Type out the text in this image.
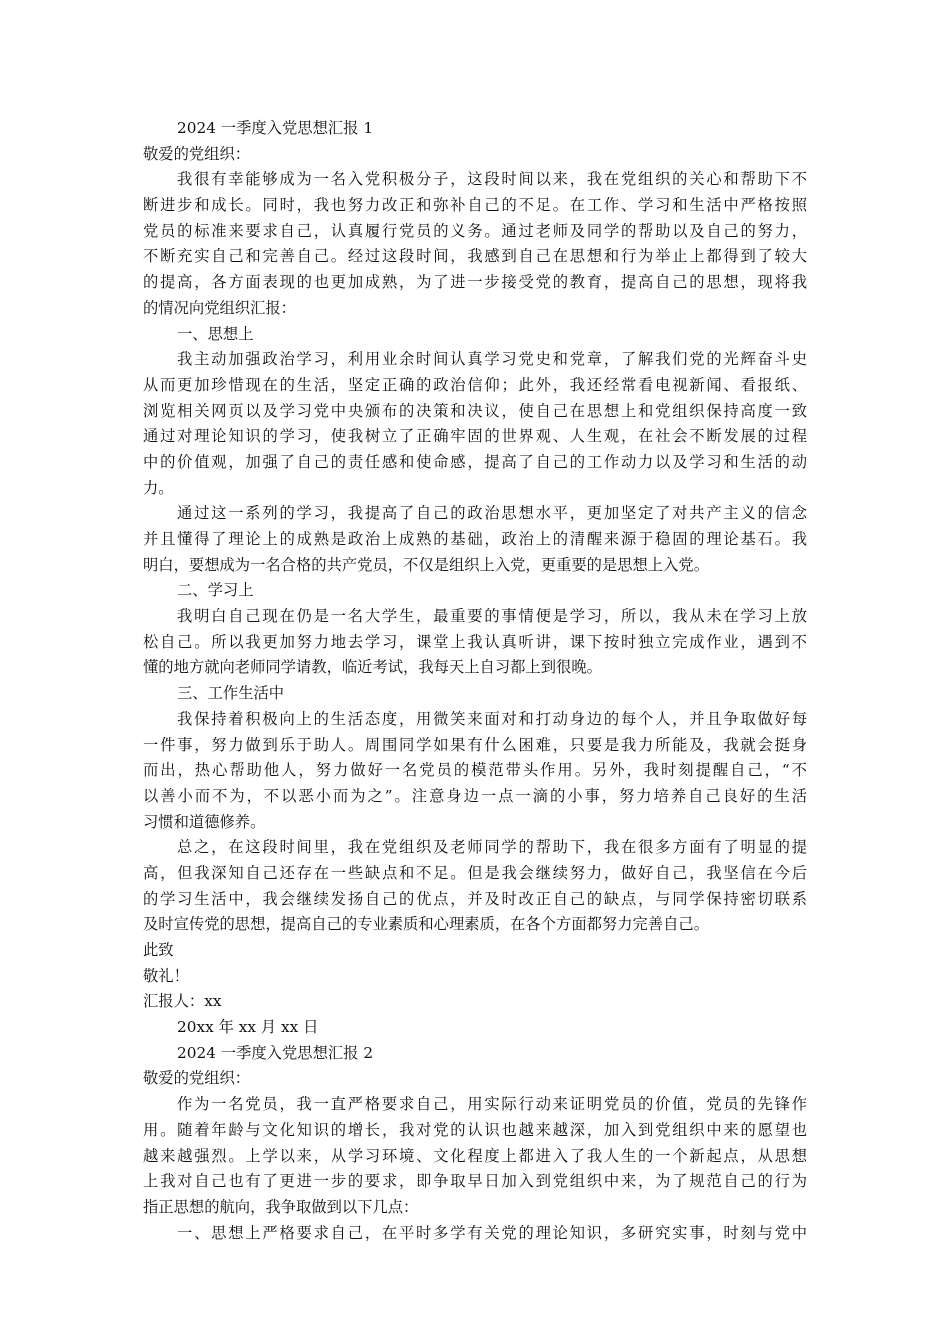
2024 一季度入党思想汇报 1
敬爱的党组织：
我很有幸能够成为一名入党积极分子，这段时间以来，我在党组织的关心和帮助下不
断进步和成长。同时，我也努力改正和弥补自己的不足。在工作、学习和生活中严格按照
党员的标准来要求自己，认真履行党员的义务。通过老师及同学的帮助以及自己的努力，
不断充实自己和完善自己。经过这段时间，我感到自己在思想和行为举止上都得到了较大
的提高，各方面表现的也更加成熟，为了进一步接受党的教育，提高自己的思想，现将我
的情况向党组织汇报：
一、思想上
我主动加强政治学习，利用业余时间认真学习党史和党章，了解我们党的光辉奋斗史
从而更加珍惜现在的生活，坚定正确的政治信仰；此外，我还经常看电视新闻、看报纸、
浏览相关网页以及学习党中央颁布的决策和决议，使自己在思想上和党组织保持高度一致
通过对理论知识的学习，使我树立了正确牢固的世界观、人生观，在社会不断发展的过程
中的价值观，加强了自己的责任感和使命感，提高了自己的工作动力以及学习和生活的动
力。
通过这一系列的学习，我提高了自己的政治思想水平，更加坚定了对共产主义的信念
并且懂得了理论上的成熟是政治上成熟的基础，政治上的清醒来源于稳固的理论基石。我
明白，要想成为一名合格的共产党员，不仅是组织上入党，更重要的是思想上入党。
二、学习上
我明白自己现在仍是一名大学生，最重要的事情便是学习，所以，我从未在学习上放
松自己。所以我更加努力地去学习，课堂上我认真听讲，课下按时独立完成作业，遇到不
懂的地方就向老师同学请教，临近考试，我每天上自习都上到很晚。
三、工作生活中
我保持着积极向上的生活态度，用微笑来面对和打动身边的每个人，并且争取做好每
一件事，努力做到乐于助人。周围同学如果有什么困难，只要是我力所能及，我就会挺身
而出，热心帮助他人，努力做好一名党员的模范带头作用。另外，我时刻提醒自己，“不
以善小而不为，不以恶小而为之”。注意身边一点一滴的小事，努力培养自己良好的生活
习惯和道德修养。
总之，在这段时间里，我在党组织及老师同学的帮助下，我在很多方面有了明显的提
高，但我深知自己还存在一些缺点和不足。但是我会继续努力，做好自己，我坚信在今后
的学习生活中，我会继续发扬自己的优点，并及时改正自己的缺点，与同学保持密切联系
及时宣传党的思想，提高自己的专业素质和心理素质，在各个方面都努力完善自己。
此致
敬礼！
汇报人：xx
20xx 年 xx 月 xx 日
2024 一季度入党思想汇报 2
敬爱的党组织：
作为一名党员，我一直严格要求自己，用实际行动来证明党员的价值，党员的先锋作
用。随着年龄与文化知识的增长，我对党的认识也越来越深，加入到党组织中来的愿望也
越来越强烈。上学以来，从学习环境、文化程度上都进入了我人生的一个新起点，从思想
上我对自己也有了更进一步的要求，即争取早日加入到党组织中来，为了规范自己的行为
指正思想的航向，我争取做到以下几点：
一、思想上严格要求自己，在平时多学有关党的理论知识，多研究实事，时刻与党中
